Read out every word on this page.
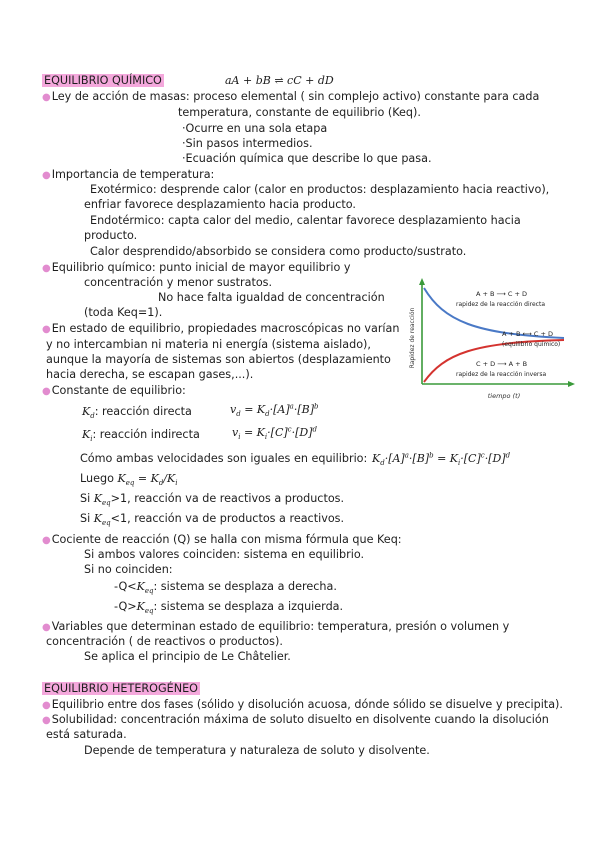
EQUILIBRIO QUÍMICO	aA + bB ⇌ cC + dD
●Ley de acción de masas: proceso elemental ( sin complejo activo) constante para cada
temperatura, constante de equilibrio (Keq).
·Ocurre en una sola etapa
·Sin pasos intermedios.
·Ecuación química que describe lo que pasa.
●Importancia de temperatura:
Exotérmico: desprende calor (calor en productos: desplazamiento hacia reactivo),
enfriar favorece desplazamiento hacia producto.
Endotérmico: capta calor del medio, calentar favorece desplazamiento hacia
producto.
Calor desprendido/absorbido se considera como producto/sustrato.
●Equilibrio químico: punto inicial de mayor equilibrio y
concentración y menor sustratos.
No hace falta igualdad de concentración
(toda Keq=1).
●En estado de equilibrio, propiedades macroscópicas no varían
y no intercambian ni materia ni energía (sistema aislado),
aunque la mayoría de sistemas son abiertos (desplazamiento
hacia derecha, se escapan gases,...).
●Constante de equilibrio:
$K_d$: reacción directa	$v_d = K_d\cdot[A]^a\cdot[B]^b$
$K_i$: reacción indirecta	$v_i = K_i\cdot[C]^c\cdot[D]^d$
Cómo ambas velocidades son iguales en equilibrio: $K_d\cdot[A]^a\cdot[B]^b = K_i\cdot[C]^c\cdot[D]^d$
Luego $K_{eq} = K_d/K_i$
Si $K_{eq}>1$, reacción va de reactivos a productos.
Si $K_{eq}<1$, reacción va de productos a reactivos.
●Cociente de reacción (Q) se halla con misma fórmula que Keq:
Si ambos valores coinciden: sistema en equilibrio.
Si no coinciden:
$-Q<K_{eq}$: sistema se desplaza a derecha.
$-Q>K_{eq}$: sistema se desplaza a izquierda.
●Variables que determinan estado de equilibrio: temperatura, presión o volumen y
concentración ( de reactivos o productos).
Se aplica el principio de Le Châtelier.
EQUILIBRIO HETEROGÉNEO
●Equilibrio entre dos fases (sólido y disolución acuosa, dónde sólido se disuelve y precipita).
●Solubilidad: concentración máxima de soluto disuelto en disolvente cuando la disolución
está saturada.
Depende de temperatura y naturaleza de soluto y disolvente.
Rapidez de reacción
tiempo (t)
A + B ⟶ C + D
rapidez de la reacción directa
A + B ⟷ C + D
(equilibrio químico)
C + D ⟶ A + B
rapidez de la reacción inversa
